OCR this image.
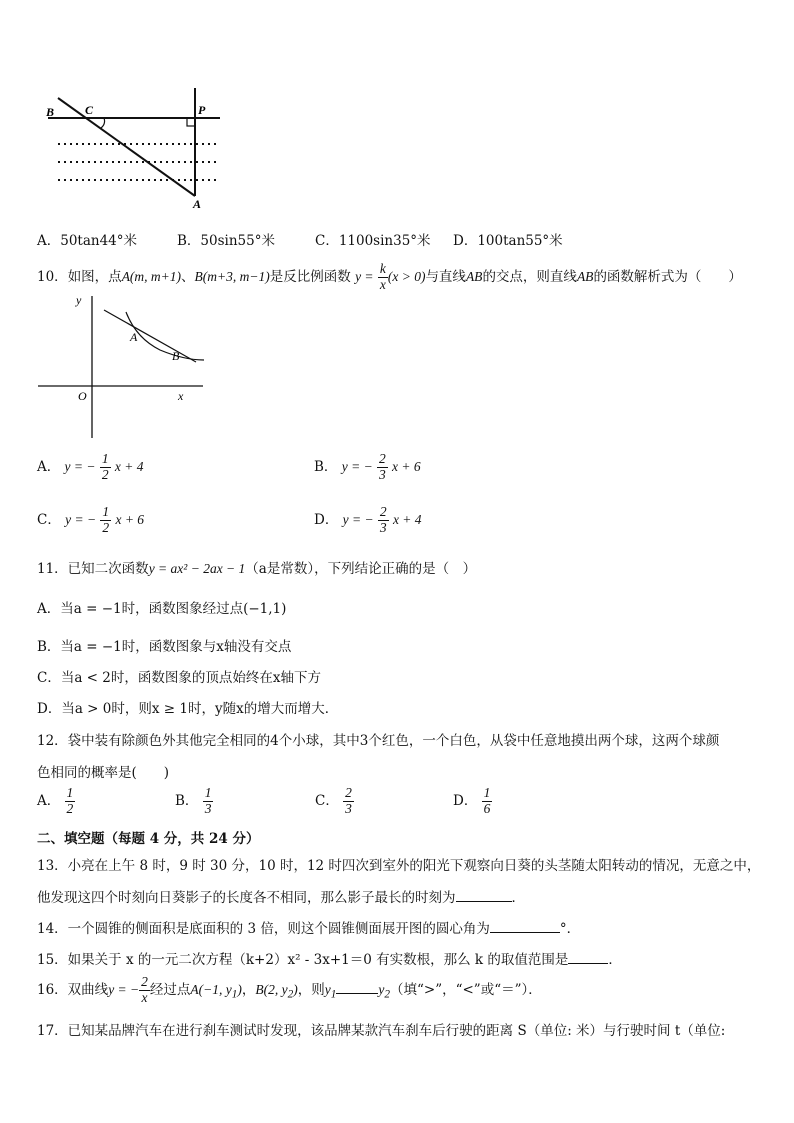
B	C	P
A
A．50tan44°米	B．50sin55°米	C．1100sin35°米 D．100tan55°米
10．如图，点A(m, m+1)、B(m+3, m−1)是反比例函数 $y = \frac{k}{x} (x > 0)$与直线AB的交点，则直线AB的函数解析式为（　　）
y
x
O
A
B
A． y = − $\frac{1}{2}$ x + 4	B． y = − $\frac{2}{3}$ x + 6
C． y = − $\frac{1}{2}$ x + 6	D． y = − $\frac{2}{3}$ x + 4
11．已知二次函数y = ax² − 2ax − 1（a是常数），下列结论正确的是（　）
A．当a = −1时，函数图象经过点(−1,1)
B．当a = −1时，函数图象与x轴没有交点
C．当a < 2时，函数图象的顶点始终在x轴下方
D．当a > 0时，则x ≥ 1时，y随x的增大而增大．
12．袋中装有除颜色外其他完全相同的4个小球，其中3个红色，一个白色，从袋中任意地摸出两个球，这两个球颜
色相同的概率是(　　)
A． $\frac{1}{2}$	B． $\frac{1}{3}$	C． $\frac{2}{3}$	D． $\frac{1}{6}$
二、填空题（每题 4 分，共 24 分）
13．小亮在上午 8 时，9 时 30 分，10 时，12 时四次到室外的阳光下观察向日葵的头茎随太阳转动的情况，无意之中，
他发现这四个时刻向日葵影子的长度各不相同，那么影子最长的时刻为	．
14．一个圆锥的侧面积是底面积的 3 倍，则这个圆锥侧面展开图的圆心角为	°．
15．如果关于 x 的一元二次方程（k+2）x² - 3x+1＝0 有实数根，那么 k 的取值范围是	．
16．双曲线y = − $\frac{2}{x}$ 经过点A(−1, $y_1$)，B(2, $y_2$)，则$y_1$	$y_2$（填“>”，“<”或“＝”）．
17．已知某品牌汽车在进行刹车测试时发现，该品牌某款汽车刹车后行驶的距离 S（单位: 米）与行驶时间 t（单位:
